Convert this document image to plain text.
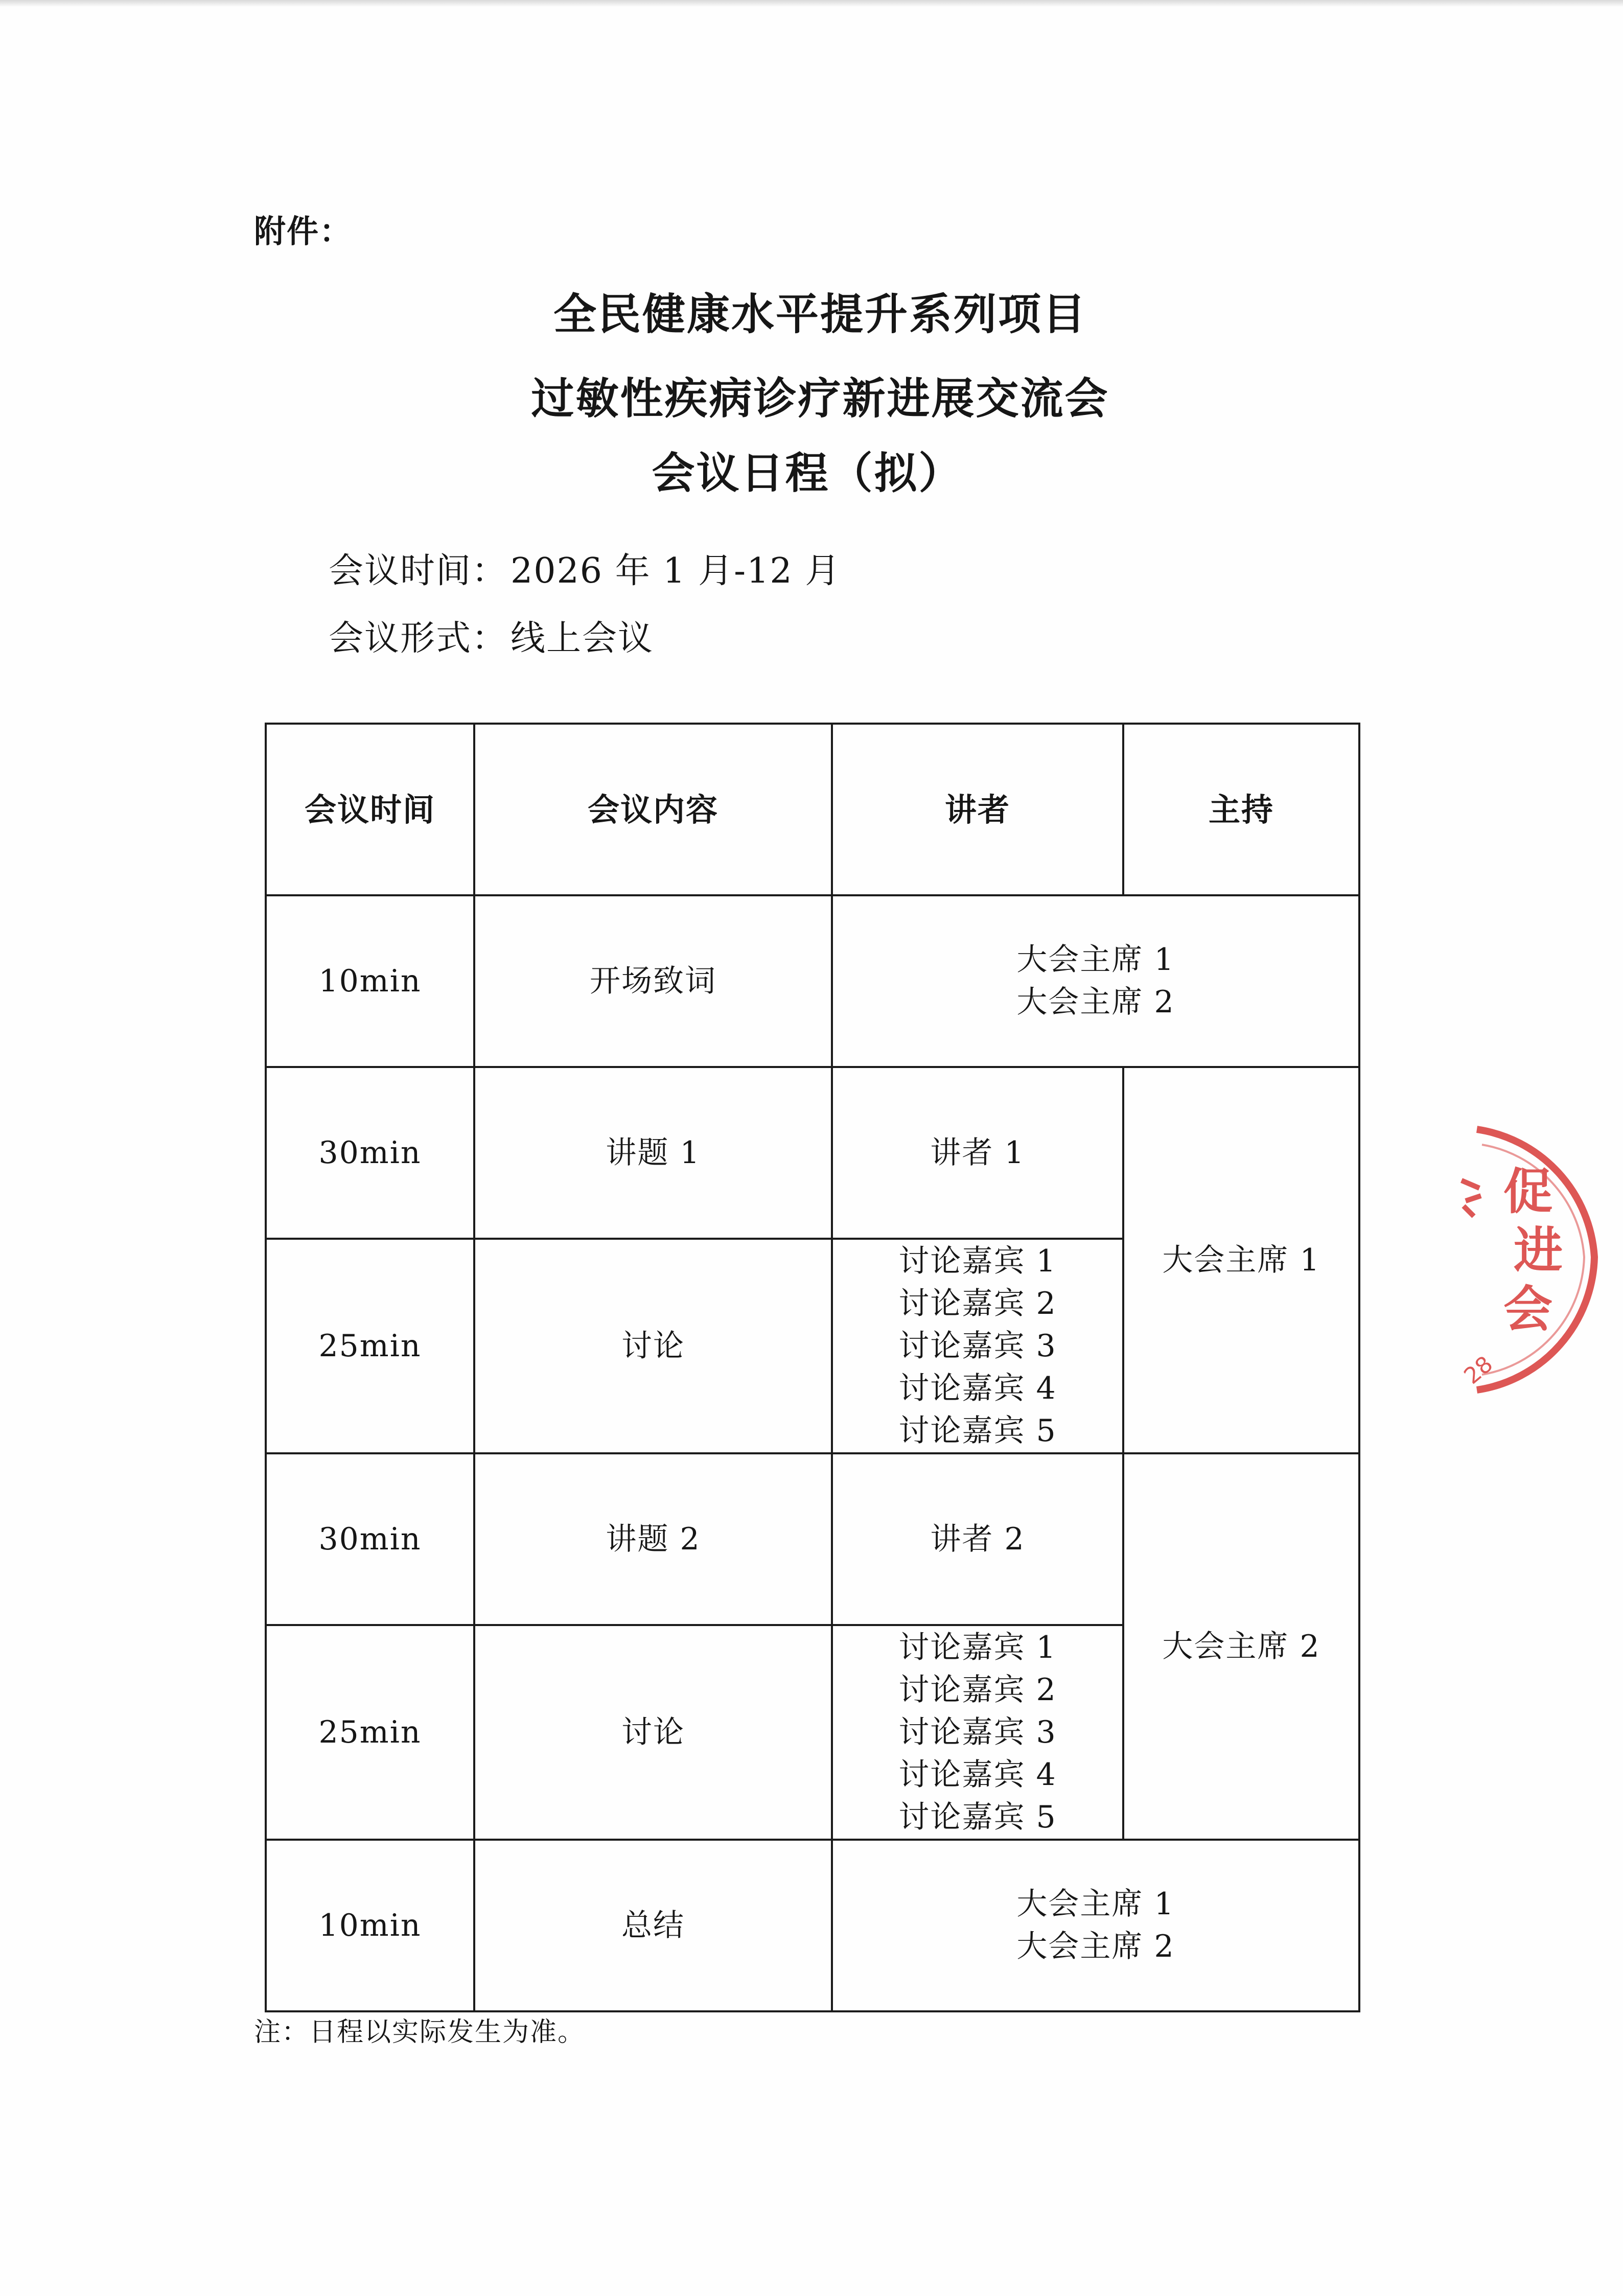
附件：
全民健康水平提升系列项目
过敏性疾病诊疗新进展交流会
会议日程（拟）
会议时间：2026 年 1 月-12 月
会议形式：线上会议
会议时间	会议内容	讲者	主持
10min	开场致词	大会主席 1
大会主席 2	

30min	讲题 1	讲者 1	大会主席 1
25min	讨论	讨论嘉宾 1
讨论嘉宾 2
讨论嘉宾 3
讨论嘉宾 4
讨论嘉宾 5	

30min	讲题 2	讲者 2	大会主席 2
25min	讨论	讨论嘉宾 1
讨论嘉宾 2
讨论嘉宾 3
讨论嘉宾 4
讨论嘉宾 5	

10min	总结	大会主席 1
大会主席 2	
注：日程以实际发生为准。
促 进 会
28
